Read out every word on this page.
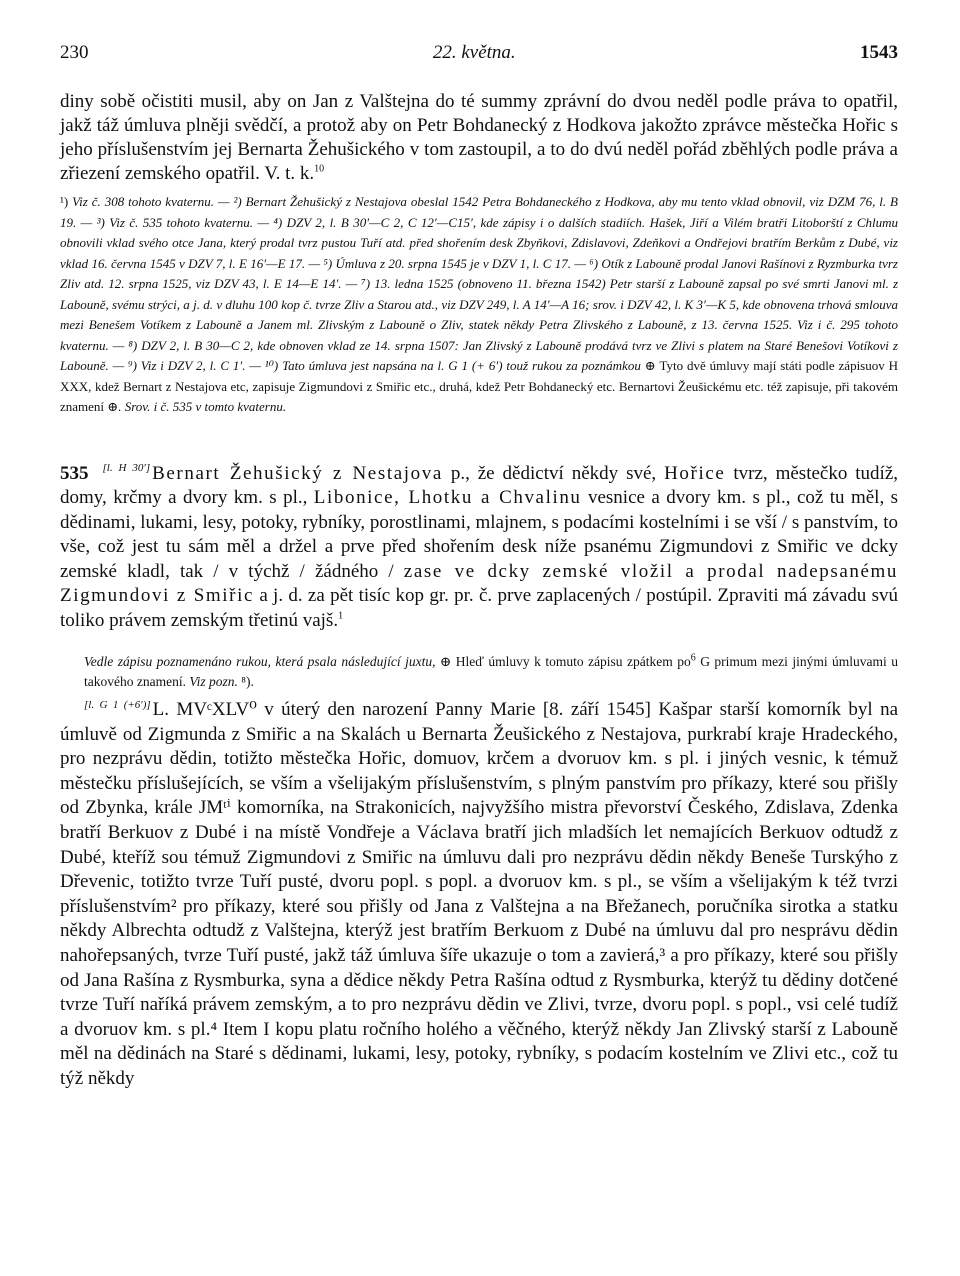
230	22. května.	1543

diny sobě očistiti musil, aby on Jan z Valštejna do té summy zprávní do dvou neděl podle práva to opatřil, jakž táž úmluva plněji svědčí, a protož aby on Petr Bohdanecký z Hodkova jakožto zprávce městečka Hořic s jeho příslušenstvím jej Bernarta Žehušického v tom zastoupil, a to do dvú neděl pořád zběhlých podle práva a zřiezení zemského opatřil. V. t. k.$^{10}$

¹) Viz č. 308 tohoto kvaternu. — ²) Bernart Žehušický z Nestajova obeslal 1542 Petra Bohdaneckého z Hodkova, aby mu tento vklad obnovil, viz DZM 76, l. B 19. — ³) Viz č. 535 tohoto kvaternu. — ⁴) DZV 2, l. B 30′—C 2, C 12′—C15′, kde zápisy i o dalších stadiích. Hašek, Jiří a Vilém bratři Litoborští z Chlumu obnovili vklad svého otce Jana, který prodal tvrz pustou Tuří atd. před shořením desk Zbyňkovi, Zdislavovi, Zdeňkovi a Ondřejovi bratřím Berkům z Dubé, viz vklad 16. června 1545 v DZV 7, l. E 16′—E 17. — ⁵) Úmluva z 20. srpna 1545 je v DZV 1, l. C 17. — ⁶) Otík z Labouně prodal Janovi Rašínovi z Ryzmburka tvrz Zliv atd. 12. srpna 1525, viz DZV 43, l. E 14—E 14′. — ⁷) 13. ledna 1525 (obnoveno 11. března 1542) Petr starší z Labouně zapsal po své smrti Janovi ml. z Labouně, svému strýci, a j. d. v dluhu 100 kop č. tvrze Zliv a Starou atd., viz DZV 249, l. A 14′—A 16; srov. i DZV 42, l. K 3′—K 5, kde obnovena trhová smlouva mezi Benešem Votíkem z Labouně a Janem ml. Zlivským z Labouně o Zliv, statek někdy Petra Zlivského z Labouně, z 13. června 1525. Viz i č. 295 tohoto kvaternu. — ⁸) DZV 2, l. B 30—C 2, kde obnoven vklad ze 14. srpna 1507: Jan Zlivský z Labouně prodává tvrz ve Zlivi s platem na Staré Benešovi Votíkovi z Labouně. — ⁹) Viz i DZV 2, l. C 1′. — ¹⁰) Tato úmluva jest napsána na l. G 1 (+ 6′) touž rukou za poznámkou ⊕ Tyto dvě úmluvy mají státi podle zápisuov H XXX, kdež Bernart z Nestajova etc, zapisuje Zigmundovi z Smiřic etc., druhá, kdež Petr Bohdanecký etc. Bernartovi Žeušickému etc. též zapisuje, při takovém znamení ⊕. Srov. i č. 535 v tomto kvaternu.

535 [l. H 30′] Bernart Žehušický z Nestajova p., že dědictví někdy své, Hořice tvrz, městečko tudíž, domy, krčmy a dvory km. s pl., Libonice, Lhotku a Chvalinu vesnice a dvory km. s pl., což tu měl, s dědinami, lukami, lesy, potoky, rybníky, porostlinami, mlajnem, s podacími kostelními i se vší / s panstvím, to vše, což jest tu sám měl a držel a prve před shořením desk níže psanému Zigmundovi z Smiřic ve dcky zemské kladl, tak / v týchž / žádného / zase ve dcky zemské vložil a prodal nadepsanému Zigmundovi z Smiřic a j. d. za pět tisíc kop gr. pr. č. prve zaplacených / postúpil. Zpraviti má závadu svú toliko právem zemským třetinú vajš.$^1$

Vedle zápisu poznamenáno rukou, která psala následující juxtu, ⊕ Hleď úmluvy k tomuto zápisu zpátkem $po^6$ G primum mezi jinými úmluvami u takového znamení. Viz pozn. ⁸).

[l. G 1 (+6′)] L. MVᶜXLV⁰ v úterý den narození Panny Marie [8. září 1545] Kašpar starší komorník byl na úmluvě od Zigmunda z Smiřic a na Skalách u Bernarta Žeušického z Nestajova, purkrabí kraje Hradeckého, pro nezprávu dědin, totižto městečka Hořic, domuov, krčem a dvoruov km. s pl. i jiných vesnic, k témuž městečku příslušejících, se vším a všelijakým příslušenstvím, s plným panstvím pro příkazy, které sou přišly od Zbynka, krále JMᵗⁱ komorníka, na Strakonicích, najvyžšího mistra převorství Českého, Zdislava, Zdenka bratří Berkuov z Dubé i na místě Vondřeje a Václava bratří jich mladších let nemajících Berkuov odtudž z Dubé, kteříž sou témuž Zigmundovi z Smiřic na úmluvu dali pro nezprávu dědin někdy Beneše Turskýho z Dřevenic, totižto tvrze Tuří pusté, dvoru popl. s popl. a dvoruov km. s pl., se vším a všelijakým k též tvrzi příslušenstvím² pro příkazy, které sou přišly od Jana z Valštejna a na Břežanech, poručníka sirotka a statku někdy Albrechta odtudž z Valštejna, kterýž jest bratřím Berkuom z Dubé na úmluvu dal pro nesprávu dědin nahořepsaných, tvrze Tuří pusté, jakž táž úmluva šíře ukazuje o tom a zavierá,³ a pro příkazy, které sou přišly od Jana Rašína z Rysmburka, syna a dědice někdy Petra Rašína odtud z Rysmburka, kterýž tu dědiny dotčené tvrze Tuří naříká právem zemským, a to pro nezprávu dědin ve Zlivi, tvrze, dvoru popl. s popl., vsi celé tudíž a dvoruov km. s pl.⁴ Item I kopu platu ročního holého a věčného, kterýž někdy Jan Zlivský starší z Labouně měl na dědinách na Staré s dědinami, lukami, lesy, potoky, rybníky, s podacím kostelním ve Zlivi etc., což tu týž někdy
